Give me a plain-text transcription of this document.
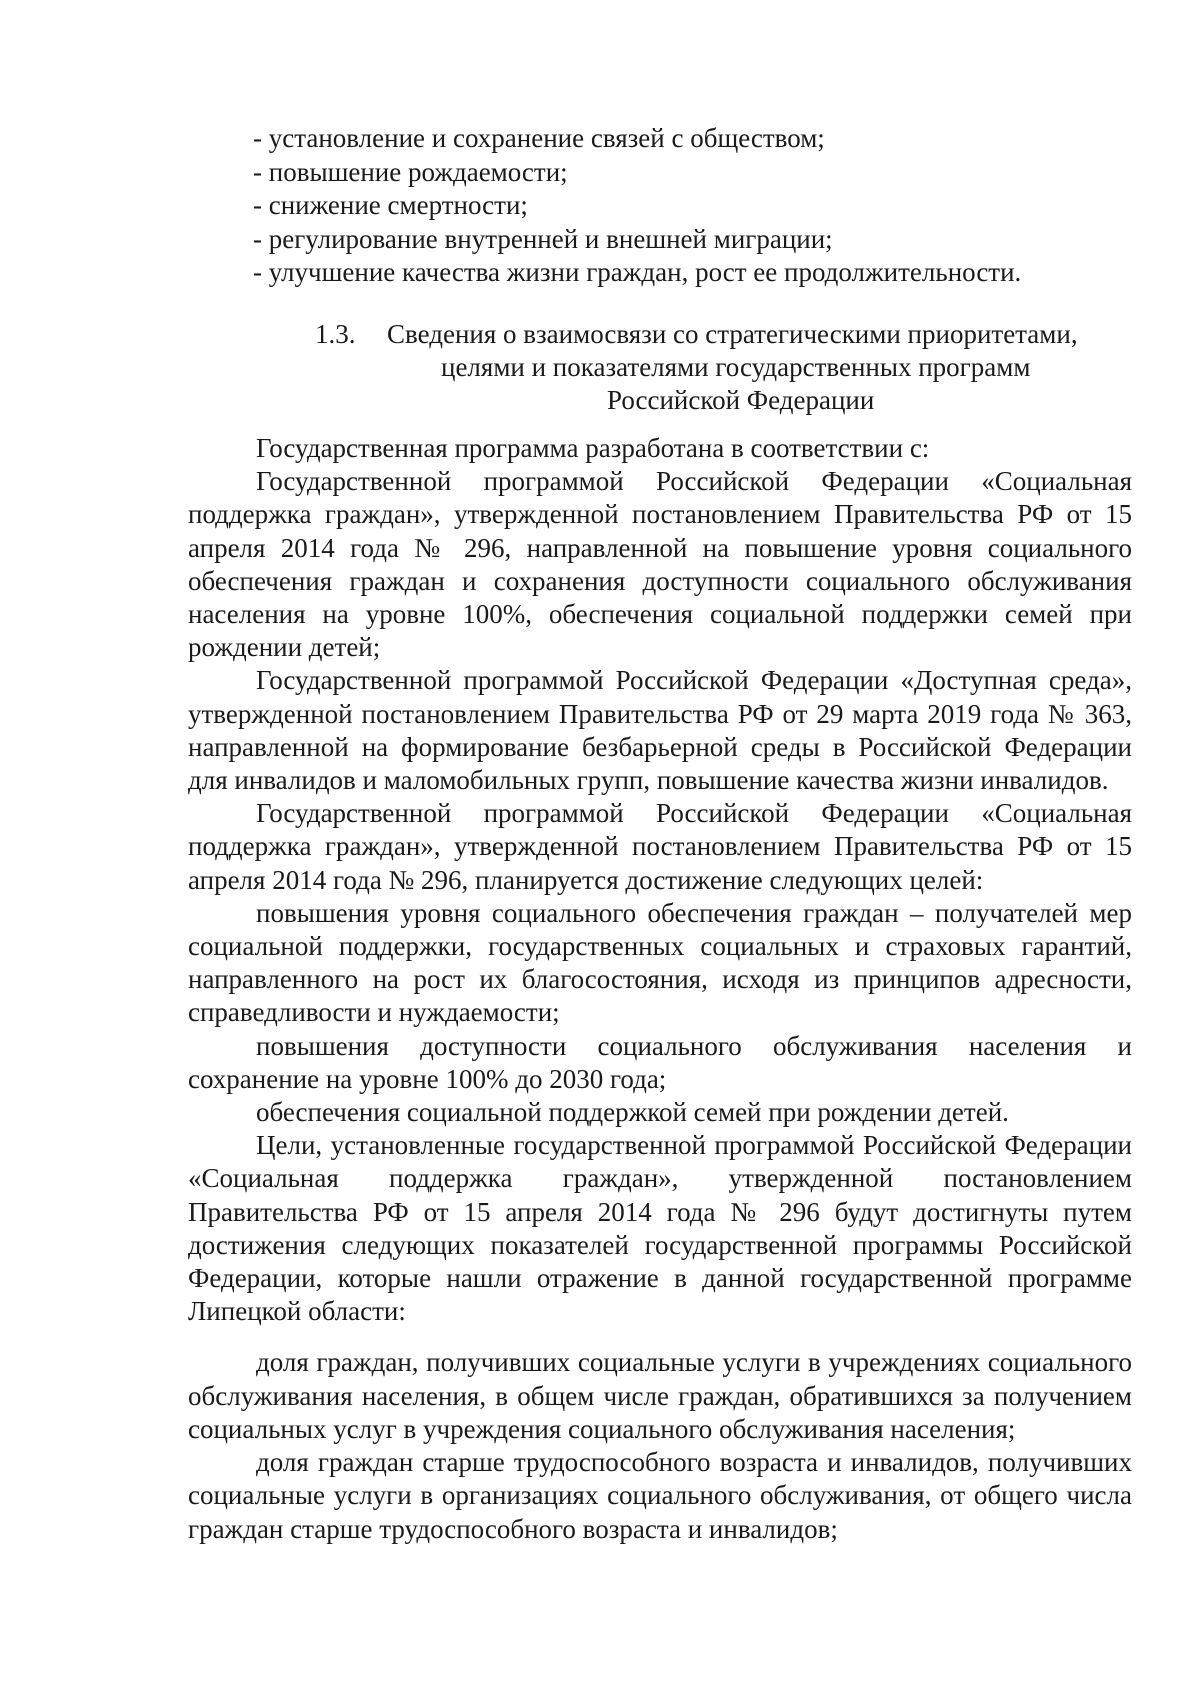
- установление и сохранение связей с обществом;
- повышение рождаемости;
- снижение смертности;
- регулирование внутренней и внешней миграции;
- улучшение качества жизни граждан, рост ее продолжительности.
1.3. Сведения о взаимосвязи со стратегическими приоритетами,
целями и показателями государственных программ
Российской Федерации

Государственная программа разработана в соответствии с:

Государственной программой Российской Федерации «Социальная поддержка граждан», утвержденной постановлением Правительства РФ от 15 апреля 2014 года № 296, направленной на повышение уровня социального обеспечения граждан и сохранения доступности социального обслуживания населения на уровне 100%, обеспечения социальной поддержки семей при рождении детей;

Государственной программой Российской Федерации «Доступная среда», утвержденной постановлением Правительства РФ от 29 марта 2019 года № 363, направленной на формирование безбарьерной среды в Российской Федерации для инвалидов и маломобильных групп, повышение качества жизни инвалидов.

Государственной программой Российской Федерации «Социальная поддержка граждан», утвержденной постановлением Правительства РФ от 15 апреля 2014 года № 296, планируется достижение следующих целей:

повышения уровня социального обеспечения граждан – получателей мер социальной поддержки, государственных социальных и страховых гарантий, направленного на рост их благосостояния, исходя из принципов адресности, справедливости и нуждаемости;

повышения доступности социального обслуживания населения и сохранение на уровне 100% до 2030 года;

обеспечения социальной поддержкой семей при рождении детей.

Цели, установленные государственной программой Российской Федерации «Социальная поддержка граждан», утвержденной постановлением Правительства РФ от 15 апреля 2014 года № 296 будут достигнуты путем достижения следующих показателей государственной программы Российской Федерации, которые нашли отражение в данной государственной программе Липецкой области:

доля граждан, получивших социальные услуги в учреждениях социального обслуживания населения, в общем числе граждан, обратившихся за получением социальных услуг в учреждения социального обслуживания населения;

доля граждан старше трудоспособного возраста и инвалидов, получивших социальные услуги в организациях социального обслуживания, от общего числа граждан старше трудоспособного возраста и инвалидов;
